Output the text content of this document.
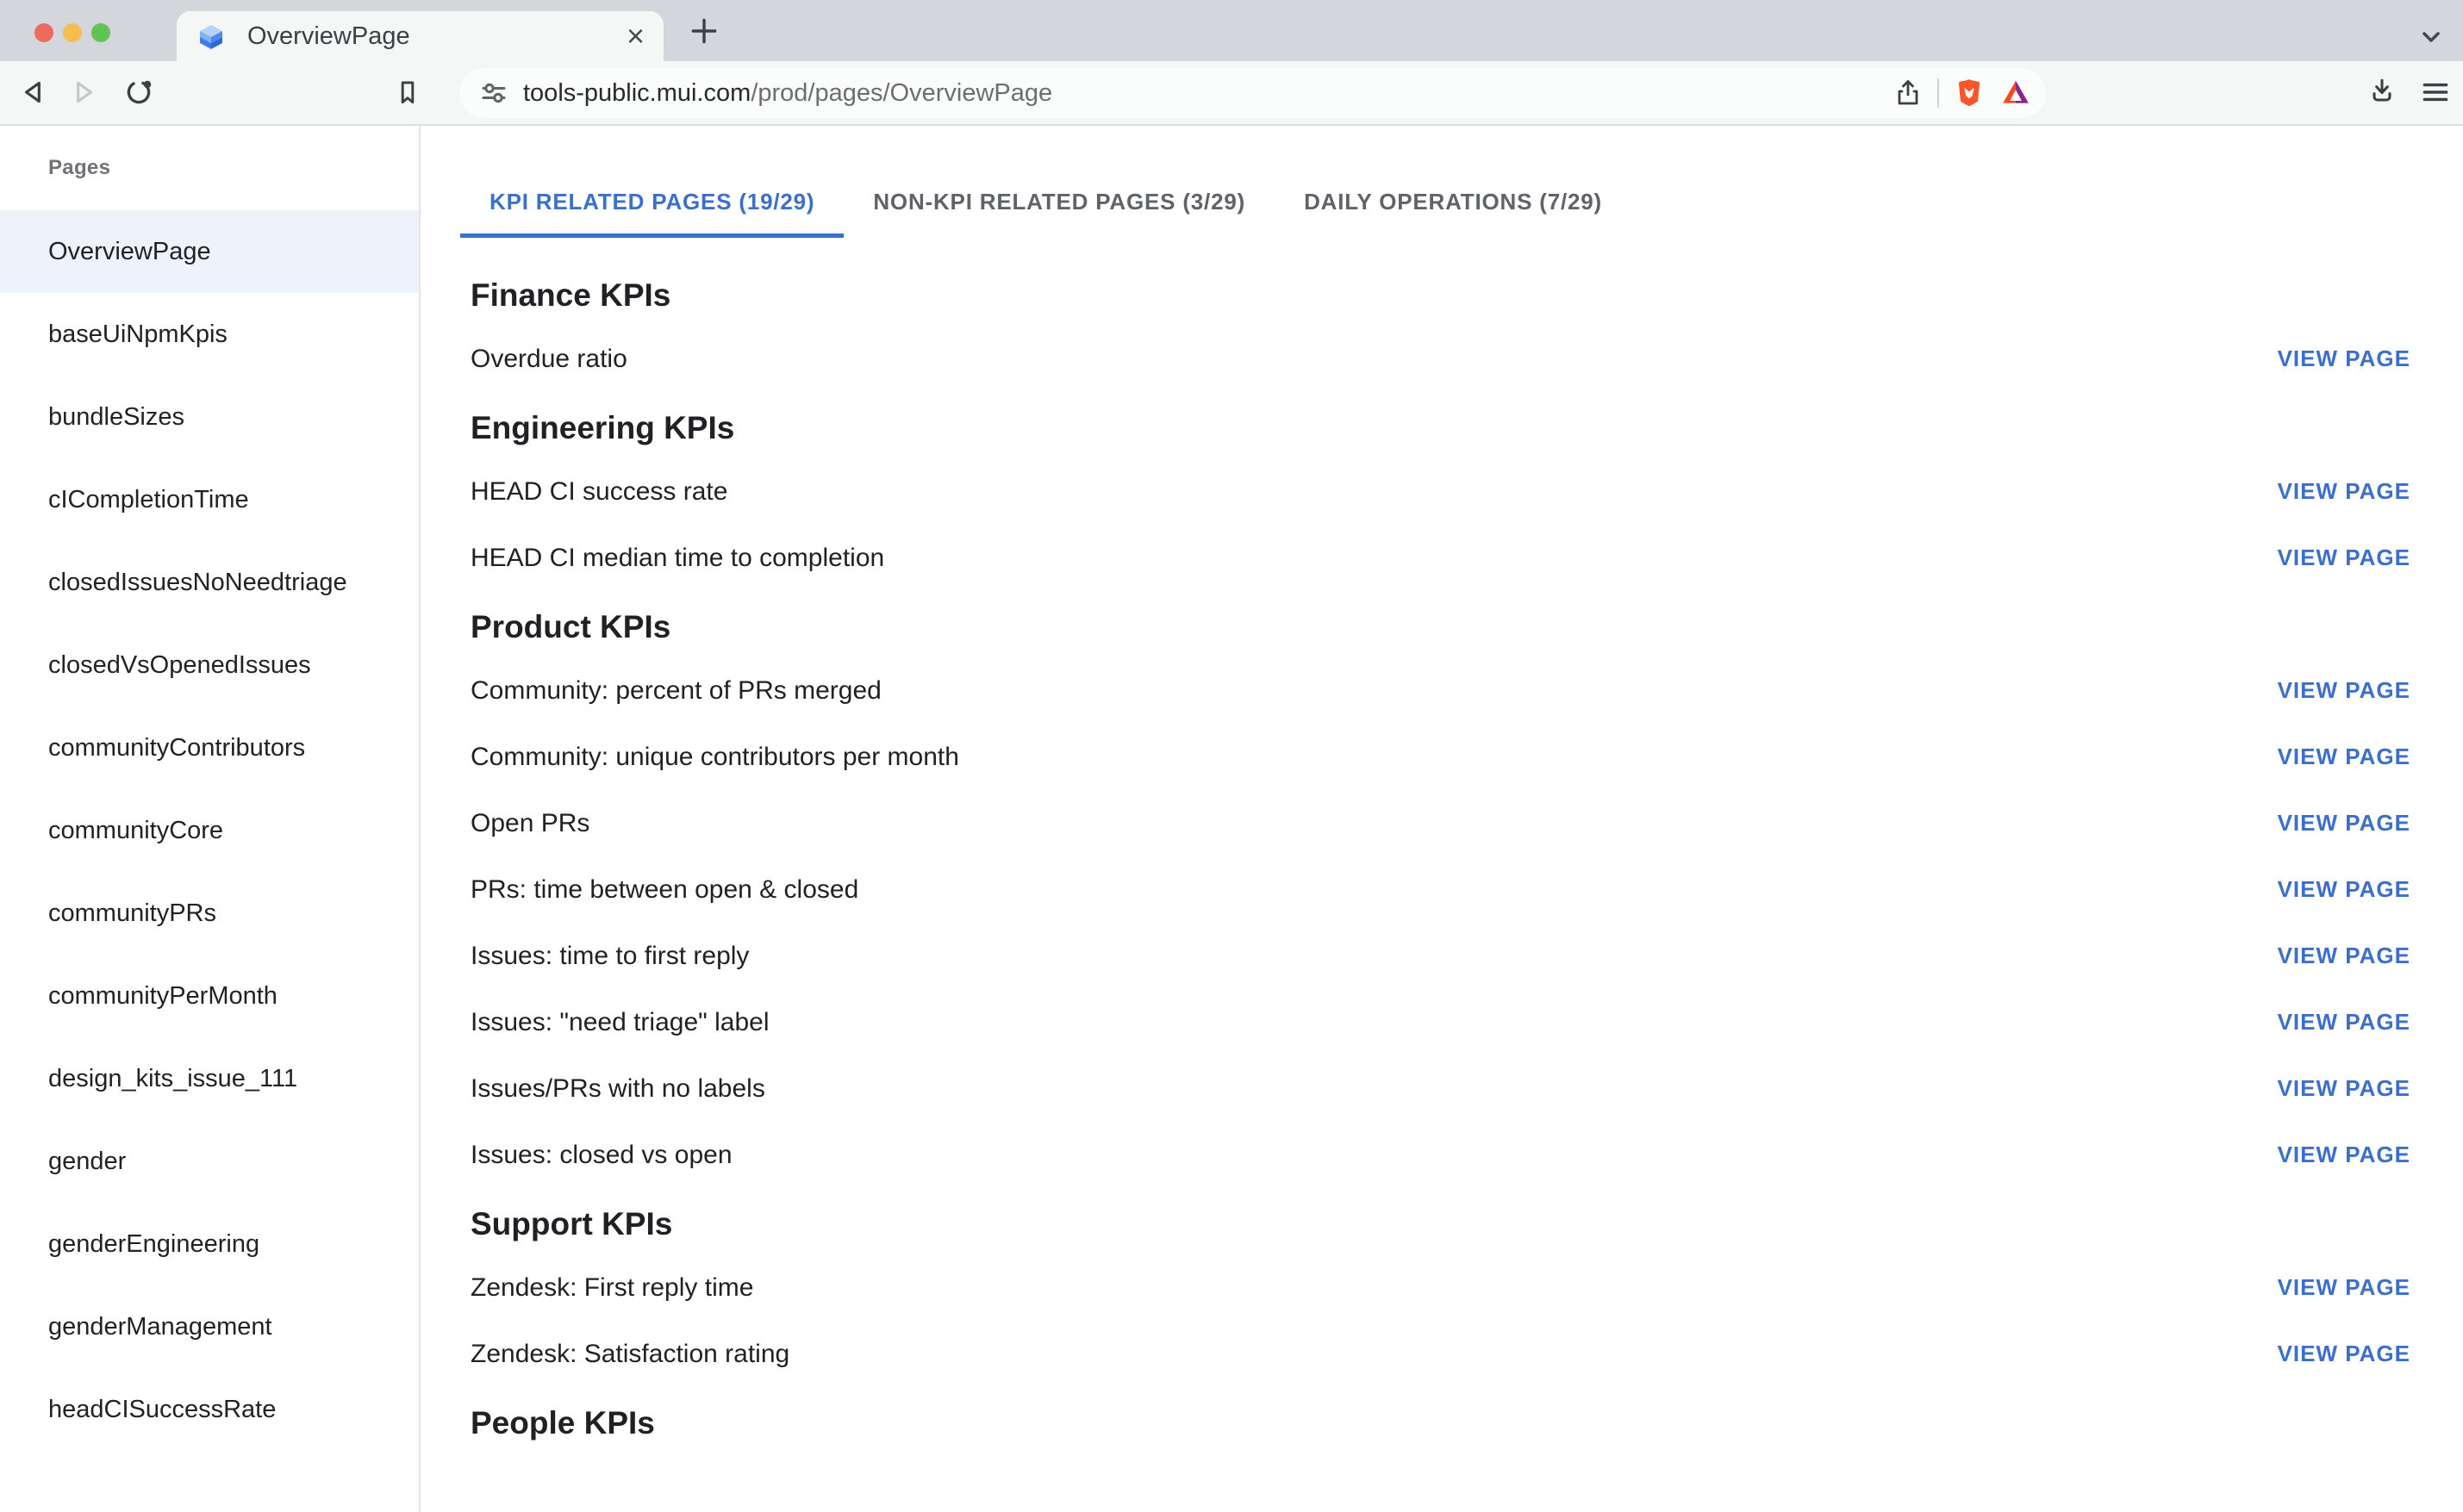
OverviewPage	×
tools-public.mui.com/prod/pages/OverviewPage
Pages
OverviewPage
baseUiNpmKpis
bundleSizes
cICompletionTime
closedIssuesNoNeedtriage
closedVsOpenedIssues
communityContributors
communityCore
communityPRs
communityPerMonth
design_kits_issue_111
gender
genderEngineering
genderManagement
headCISuccessRate
KPI RELATED PAGES (19/29)	NON-KPI RELATED PAGES (3/29)	DAILY OPERATIONS (7/29)
Finance KPIs
Overdue ratio	VIEW PAGE
Engineering KPIs
HEAD CI success rate	VIEW PAGE
HEAD CI median time to completion	VIEW PAGE
Product KPIs
Community: percent of PRs merged	VIEW PAGE
Community: unique contributors per month	VIEW PAGE
Open PRs	VIEW PAGE
PRs: time between open & closed	VIEW PAGE
Issues: time to first reply	VIEW PAGE
Issues: "need triage" label	VIEW PAGE
Issues/PRs with no labels	VIEW PAGE
Issues: closed vs open	VIEW PAGE
Support KPIs
Zendesk: First reply time	VIEW PAGE
Zendesk: Satisfaction rating	VIEW PAGE
People KPIs
